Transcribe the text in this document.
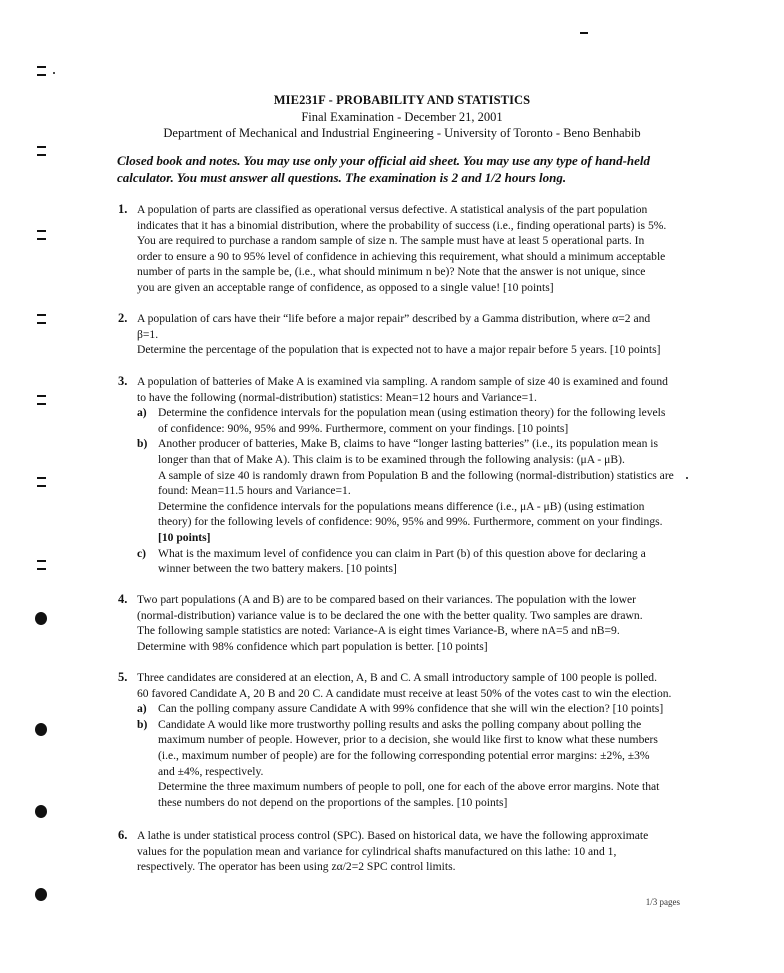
MIE231F - PROBABILITY AND STATISTICS
Final Examination - December 21, 2001
Department of Mechanical and Industrial Engineering - University of Toronto - Beno Benhabib

Closed book and notes. You may use only your official aid sheet. You may use any type of hand-held

calculator. You must answer all questions. The examination is 2 and 1/2 hours long.

1. A population of parts are classified as operational versus defective. A statistical analysis of the part population
indicates that it has a binomial distribution, where the probability of success (i.e., finding operational parts) is 5%.
You are required to purchase a random sample of size n. The sample must have at least 5 operational parts. In
order to ensure a 90 to 95% level of confidence in achieving this requirement, what should a minimum acceptable
number of parts in the sample be, (i.e., what should minimum n be)? Note that the answer is not unique, since
you are given an acceptable range of confidence, as opposed to a single value! [10 points]
2. A population of cars have their “life before a major repair” described by a Gamma distribution, where α=2 and
β=1.
Determine the percentage of the population that is expected not to have a major repair before 5 years. [10 points]
3. A population of batteries of Make A is examined via sampling. A random sample of size 40 is examined and found
to have the following (normal-distribution) statistics: Mean=12 hours and Variance=1.
a) Determine the confidence intervals for the population mean (using estimation theory) for the following levels
of confidence: 90%, 95% and 99%. Furthermore, comment on your findings. [10 points]
b) Another producer of batteries, Make B, claims to have “longer lasting batteries” (i.e., its population mean is
longer than that of Make A). This claim is to be examined through the following analysis: (μA - μB).
A sample of size 40 is randomly drawn from Population B and the following (normal-distribution) statistics are
found: Mean=11.5 hours and Variance=1.
Determine the confidence intervals for the populations means difference (i.e., μA - μB) (using estimation
theory) for the following levels of confidence: 90%, 95% and 99%. Furthermore, comment on your findings.
[10 points]
c) What is the maximum level of confidence you can claim in Part (b) of this question above for declaring a
winner between the two battery makers. [10 points]
4. Two part populations (A and B) are to be compared based on their variances. The population with the lower
(normal-distribution) variance value is to be declared the one with the better quality. Two samples are drawn.
The following sample statistics are noted: Variance-A is eight times Variance-B, where nA=5 and nB=9.
Determine with 98% confidence which part population is better. [10 points]
5. Three candidates are considered at an election, A, B and C. A small introductory sample of 100 people is polled.
60 favored Candidate A, 20 B and 20 C. A candidate must receive at least 50% of the votes cast to win the election.
a) Can the polling company assure Candidate A with 99% confidence that she will win the election? [10 points]
b) Candidate A would like more trustworthy polling results and asks the polling company about polling the
maximum number of people. However, prior to a decision, she would like first to know what these numbers
(i.e., maximum number of people) are for the following corresponding potential error margins: ±2%, ±3%
and ±4%, respectively.
Determine the three maximum numbers of people to poll, one for each of the above error margins. Note that
these numbers do not depend on the proportions of the samples. [10 points]
6. A lathe is under statistical process control (SPC). Based on historical data, we have the following approximate
values for the population mean and variance for cylindrical shafts manufactured on this lathe: 10 and 1,
respectively. The operator has been using zα/2=2 SPC control limits.
1/3 pages
